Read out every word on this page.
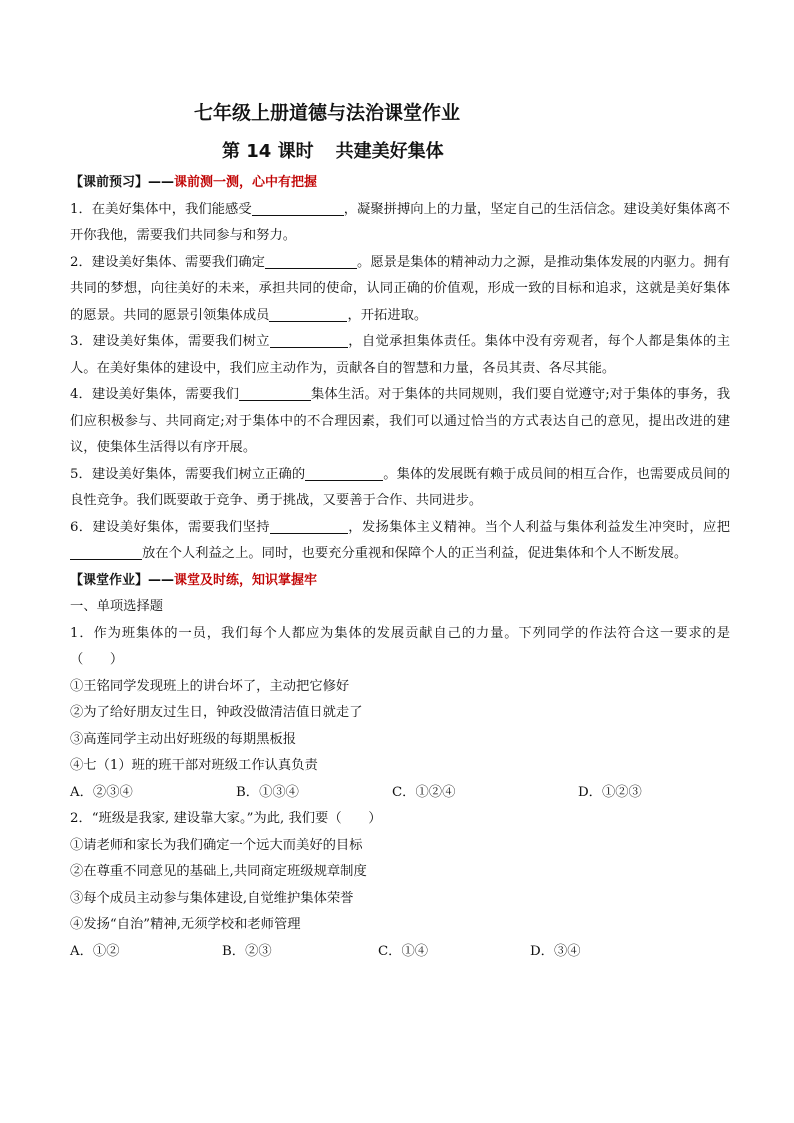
七年级上册道德与法治课堂作业
第 14 课时 共建美好集体

【课前预习】——课前测一测，心中有把握

1．在美好集体中，我们能感受	，凝聚拼搏向上的力量，坚定自己的生活信念。建设美好集体离不开你我他，需要我们共同参与和努力。

2．建设美好集体、需要我们确定	。愿景是集体的精神动力之源，是推动集体发展的内驱力。拥有共同的梦想，向往美好的未来，承担共同的使命，认同正确的价值观，形成一致的目标和追求，这就是美好集体的愿景。共同的愿景引领集体成员	，开拓进取。

3．建设美好集体，需要我们树立	，自觉承担集体责任。集体中没有旁观者，每个人都是集体的主人。在美好集体的建设中，我们应主动作为，贡献各自的智慧和力量，各员其责、各尽其能。

4．建设美好集体，需要我们	集体生活。对于集体的共同规则，我们要自觉遵守;对于集体的事务，我们应积极参与、共同商定;对于集体中的不合理因素，我们可以通过恰当的方式表达自己的意见，提出改进的建议，使集体生活得以有序开展。

5．建设美好集体，需要我们树立正确的	。集体的发展既有赖于成员间的相互合作，也需要成员间的良性竞争。我们既要敢于竞争、勇于挑战，又要善于合作、共同进步。

6．建设美好集体，需要我们坚持	，发扬集体主义精神。当个人利益与集体利益发生冲突时，应把放在个人利益之上。同时，也要充分重视和保障个人的正当利益，促进集体和个人不断发展。

【课堂作业】——课堂及时练，知识掌握牢

一、单项选择题

1．作为班集体的一员，我们每个人都应为集体的发展贡献自己的力量。下列同学的作法符合这一要求的是（　　）

①王铭同学发现班上的讲台坏了，主动把它修好

②为了给好朋友过生日，钟政没做清洁值日就走了

③高莲同学主动出好班级的每期黑板报

④七（1）班的班干部对班级工作认真负责

A．②③④	B．①③④	C．①②④	D．①②③

2．“班级是我家, 建设靠大家。”为此, 我们要（　　）

①请老师和家长为我们确定一个远大而美好的目标

②在尊重不同意见的基础上,共同商定班级规章制度

③每个成员主动参与集体建设,自觉维护集体荣誉

④发扬“自治”精神,无须学校和老师管理

A．①②	B．②③	C．①④	D．③④
